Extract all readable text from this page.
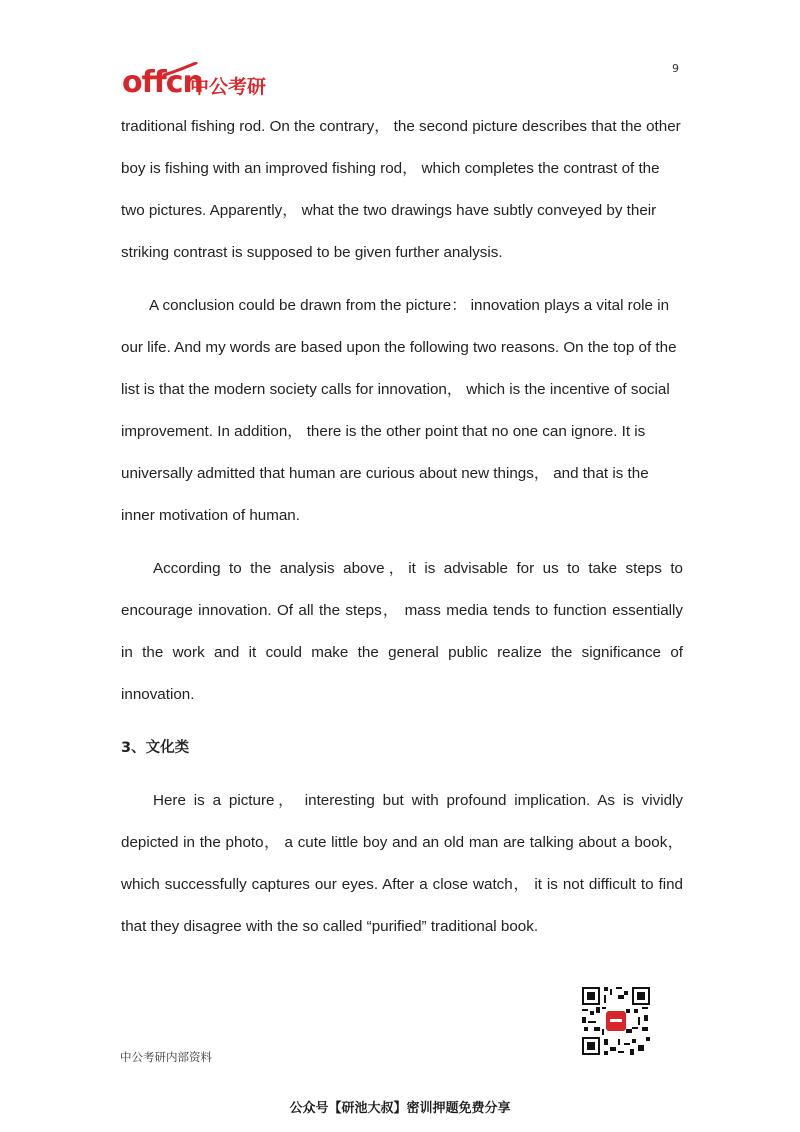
9
offcn
中公考研

traditional fishing rod. On the contrary， the second picture describes that the other boy is fishing with an improved fishing rod， which completes the contrast of the two pictures. Apparently， what the two drawings have subtly conveyed by their striking contrast is supposed to be given further analysis.

A conclusion could be drawn from the picture： innovation plays a vital role in our life. And my words are based upon the following two reasons. On the top of the list is that the modern society calls for innovation， which is the incentive of social improvement. In addition， there is the other point that no one can ignore. It is universally admitted that human are curious about new things， and that is the inner motivation of human.

According to the analysis above，it is advisable for us to take steps to encourage innovation. Of all the steps， mass media tends to function essentially in the work and it could make the general public realize the significance of innovation.

3、文化类

Here is a picture， interesting but with profound implication. As is vividly depicted in the photo， a cute little boy and an old man are talking about a book， which successfully captures our eyes. After a close watch， it is not difficult to find that they disagree with the so called “purified” traditional book.

中公考研内部资料
公众号【研池大叔】密训押题免费分享
